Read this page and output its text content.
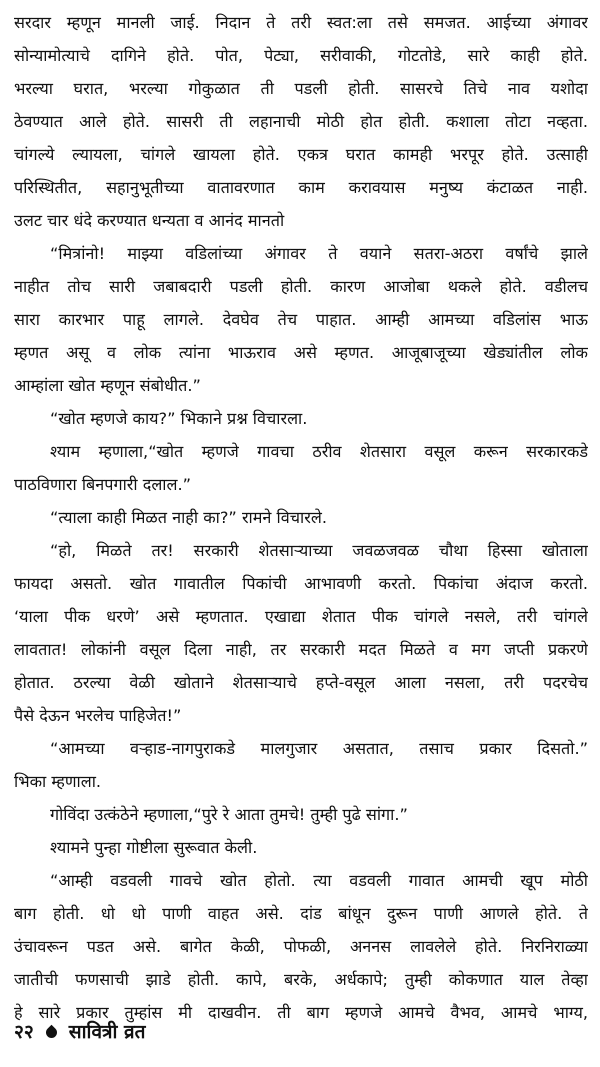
सरदार म्हणून मानली जाई. निदान ते तरी स्वत:ला तसे समजत. आईच्या अंगावर
सोन्यामोत्याचे दागिने होते. पोत, पेट्या, सरीवाकी, गोटतोडे, सारे काही होते.
भरल्या घरात, भरल्या गोकुळात ती पडली होती. सासरचे तिचे नाव यशोदा
ठेवण्यात आले होते. सासरी ती लहानाची मोठी होत होती. कशाला तोटा नव्हता.
चांगल्ये ल्यायला, चांगले खायला होते. एकत्र घरात कामही भरपूर होते. उत्साही
परिस्थितीत, सहानुभूतीच्या वातावरणात काम करावयास मनुष्य कंटाळत नाही.
उलट चार धंदे करण्यात धन्यता व आनंद मानतो
“मित्रांनो! माझ्या वडिलांच्या अंगावर ते वयाने सतरा-अठरा वर्षांचे झाले
नाहीत तोच सारी जबाबदारी पडली होती. कारण आजोबा थकले होते. वडीलच
सारा कारभार पाहू लागले. देवघेव तेच पाहात. आम्ही आमच्या वडिलांस भाऊ
म्हणत असू व लोक त्यांना भाऊराव असे म्हणत. आजूबाजूच्या खेड्यांतील लोक
आम्हांला खोत म्हणून संबोधीत.”
“खोत म्हणजे काय?” भिकाने प्रश्न विचारला.
श्याम म्हणाला,“खोत म्हणजे गावचा ठरीव शेतसारा वसूल करून सरकारकडे
पाठविणारा बिनपगारी दलाल.”
“त्याला काही मिळत नाही का?” रामने विचारले.
“हो, मिळते तर! सरकारी शेतसाऱ्याच्या जवळजवळ चौथा हिस्सा खोताला
फायदा असतो. खोत गावातील पिकांची आभावणी करतो. पिकांचा अंदाज करतो.
‘याला पीक धरणे’ असे म्हणतात. एखाद्या शेतात पीक चांगले नसले, तरी चांगले
लावतात! लोकांनी वसूल दिला नाही, तर सरकारी मदत मिळते व मग जप्ती प्रकरणे
होतात. ठरल्या वेळी खोताने शेतसाऱ्याचे हप्ते-वसूल आला नसला, तरी पदरचेच
पैसे देऊन भरलेच पाहिजेत!”
“आमच्या वऱ्हाड-नागपुराकडे मालगुजार असतात, तसाच प्रकार दिसतो.”
भिका म्हणाला.
गोविंदा उत्कंठेने म्हणाला,“पुरे रे आता तुमचे! तुम्ही पुढे सांगा.”
श्यामने पुन्हा गोष्टीला सुरूवात केली.
“आम्ही वडवली गावचे खोत होतो. त्या वडवली गावात आमची खूप मोठी
बाग होती. धो धो पाणी वाहत असे. दांड बांधून दुरून पाणी आणले होते. ते
उंचावरून पडत असे. बागेत केळी, पोफळी, अननस लावलेले होते. निरनिराळ्या
जातीची फणसाची झाडे होती. कापे, बरके, अर्धकापे; तुम्ही कोकणात याल तेव्हा
हे सारे प्रकार तुम्हांस मी दाखवीन. ती बाग म्हणजे आमचे वैभव, आमचे भाग्य,
२२ सावित्री व्रत
